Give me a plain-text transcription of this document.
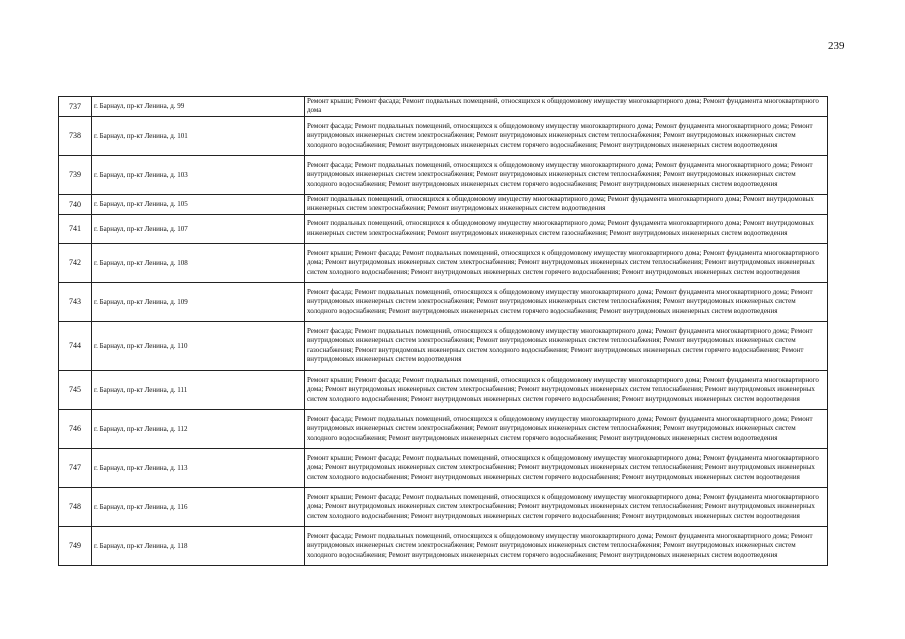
239
737	г. Барнаул, пр-кт Ленина, д. 99	Ремонт крыши; Ремонт фасада; Ремонт подвальных помещений, относящихся к общедомовому имуществу многоквартирного дома; Ремонт фундамента многоквартирного дома
738	г. Барнаул, пр-кт Ленина, д. 101	Ремонт фасада; Ремонт подвальных помещений, относящихся к общедомовому имуществу многоквартирного дома; Ремонт фундамента многоквартирного дома; Ремонт внутридомовых инженерных систем электроснабжения; Ремонт внутридомовых инженерных систем теплоснабжения; Ремонт внутридомовых инженерных систем холодного водоснабжения; Ремонт внутридомовых инженерных систем горячего водоснабжения; Ремонт внутридомовых инженерных систем водоотведения
739	г. Барнаул, пр-кт Ленина, д. 103	Ремонт фасада; Ремонт подвальных помещений, относящихся к общедомовому имуществу многоквартирного дома; Ремонт фундамента многоквартирного дома; Ремонт внутридомовых инженерных систем электроснабжения; Ремонт внутридомовых инженерных систем теплоснабжения; Ремонт внутридомовых инженерных систем холодного водоснабжения; Ремонт внутридомовых инженерных систем горячего водоснабжения; Ремонт внутридомовых инженерных систем водоотведения
740	г. Барнаул, пр-кт Ленина, д. 105	Ремонт подвальных помещений, относящихся к общедомовому имуществу многоквартирного дома; Ремонт фундамента многоквартирного дома; Ремонт внутридомовых инженерных систем электроснабжения; Ремонт внутридомовых инженерных систем водоотведения
741	г. Барнаул, пр-кт Ленина, д. 107	Ремонт подвальных помещений, относящихся к общедомовому имуществу многоквартирного дома; Ремонт фундамента многоквартирного дома; Ремонт внутридомовых инженерных систем электроснабжения; Ремонт внутридомовых инженерных систем газоснабжения; Ремонт внутридомовых инженерных систем водоотведения
742	г. Барнаул, пр-кт Ленина, д. 108	Ремонт крыши; Ремонт фасада; Ремонт подвальных помещений, относящихся к общедомовому имуществу многоквартирного дома; Ремонт фундамента многоквартирного дома; Ремонт внутридомовых инженерных систем электроснабжения; Ремонт внутридомовых инженерных систем теплоснабжения; Ремонт внутридомовых инженерных систем холодного водоснабжения; Ремонт внутридомовых инженерных систем горячего водоснабжения; Ремонт внутридомовых инженерных систем водоотведения
743	г. Барнаул, пр-кт Ленина, д. 109	Ремонт фасада; Ремонт подвальных помещений, относящихся к общедомовому имуществу многоквартирного дома; Ремонт фундамента многоквартирного дома; Ремонт внутридомовых инженерных систем электроснабжения; Ремонт внутридомовых инженерных систем теплоснабжения; Ремонт внутридомовых инженерных систем холодного водоснабжения; Ремонт внутридомовых инженерных систем горячего водоснабжения; Ремонт внутридомовых инженерных систем водоотведения
744	г. Барнаул, пр-кт Ленина, д. 110	Ремонт фасада; Ремонт подвальных помещений, относящихся к общедомовому имуществу многоквартирного дома; Ремонт фундамента многоквартирного дома; Ремонт внутридомовых инженерных систем электроснабжения; Ремонт внутридомовых инженерных систем теплоснабжения; Ремонт внутридомовых инженерных систем газоснабжения; Ремонт внутридомовых инженерных систем холодного водоснабжения; Ремонт внутридомовых инженерных систем горячего водоснабжения; Ремонт внутридомовых инженерных систем водоотведения
745	г. Барнаул, пр-кт Ленина, д. 111	Ремонт крыши; Ремонт фасада; Ремонт подвальных помещений, относящихся к общедомовому имуществу многоквартирного дома; Ремонт фундамента многоквартирного дома; Ремонт внутридомовых инженерных систем электроснабжения; Ремонт внутридомовых инженерных систем теплоснабжения; Ремонт внутридомовых инженерных систем холодного водоснабжения; Ремонт внутридомовых инженерных систем горячего водоснабжения; Ремонт внутридомовых инженерных систем водоотведения
746	г. Барнаул, пр-кт Ленина, д. 112	Ремонт фасада; Ремонт подвальных помещений, относящихся к общедомовому имуществу многоквартирного дома; Ремонт фундамента многоквартирного дома; Ремонт внутридомовых инженерных систем электроснабжения; Ремонт внутридомовых инженерных систем теплоснабжения; Ремонт внутридомовых инженерных систем холодного водоснабжения; Ремонт внутридомовых инженерных систем горячего водоснабжения; Ремонт внутридомовых инженерных систем водоотведения
747	г. Барнаул, пр-кт Ленина, д. 113	Ремонт крыши; Ремонт фасада; Ремонт подвальных помещений, относящихся к общедомовому имуществу многоквартирного дома; Ремонт фундамента многоквартирного дома; Ремонт внутридомовых инженерных систем электроснабжения; Ремонт внутридомовых инженерных систем теплоснабжения; Ремонт внутридомовых инженерных систем холодного водоснабжения; Ремонт внутридомовых инженерных систем горячего водоснабжения; Ремонт внутридомовых инженерных систем водоотведения
748	г. Барнаул, пр-кт Ленина, д. 116	Ремонт крыши; Ремонт фасада; Ремонт подвальных помещений, относящихся к общедомовому имуществу многоквартирного дома; Ремонт фундамента многоквартирного дома; Ремонт внутридомовых инженерных систем электроснабжения; Ремонт внутридомовых инженерных систем теплоснабжения; Ремонт внутридомовых инженерных систем холодного водоснабжения; Ремонт внутридомовых инженерных систем горячего водоснабжения; Ремонт внутридомовых инженерных систем водоотведения
749	г. Барнаул, пр-кт Ленина, д. 118	Ремонт фасада; Ремонт подвальных помещений, относящихся к общедомовому имуществу многоквартирного дома; Ремонт фундамента многоквартирного дома; Ремонт внутридомовых инженерных систем электроснабжения; Ремонт внутридомовых инженерных систем теплоснабжения; Ремонт внутридомовых инженерных систем холодного водоснабжения; Ремонт внутридомовых инженерных систем горячего водоснабжения; Ремонт внутридомовых инженерных систем водоотведения
